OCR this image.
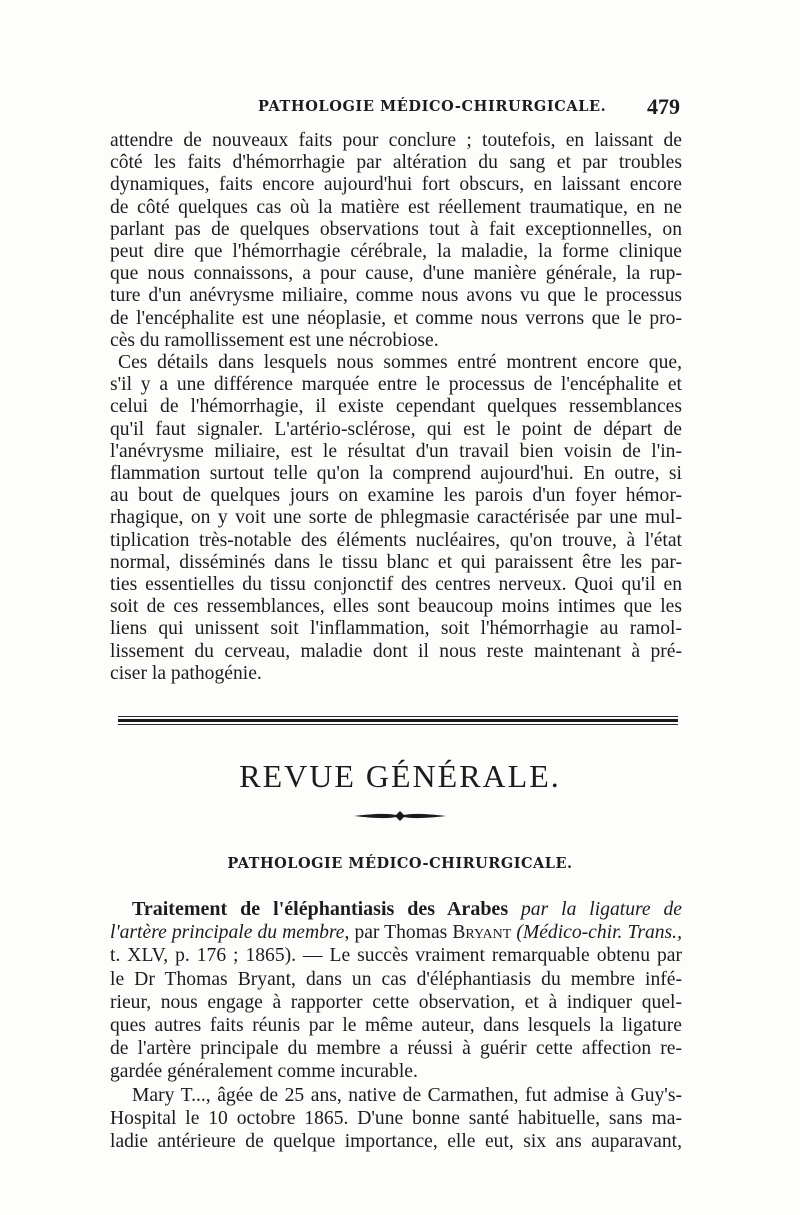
PATHOLOGIE MÉDICO-CHIRURGICALE. 479
attendre de nouveaux faits pour conclure ; toutefois, en laissant de
côté les faits d'hémorrhagie par altération du sang et par troubles
dynamiques, faits encore aujourd'hui fort obscurs, en laissant encore
de côté quelques cas où la matière est réellement traumatique, en ne
parlant pas de quelques observations tout à fait exceptionnelles, on
peut dire que l'hémorrhagie cérébrale, la maladie, la forme clinique
que nous connaissons, a pour cause, d'une manière générale, la rup-
ture d'un anévrysme miliaire, comme nous avons vu que le processus
de l'encéphalite est une néoplasie, et comme nous verrons que le pro-
cès du ramollissement est une nécrobiose.
Ces détails dans lesquels nous sommes entré montrent encore que,
s'il y a une différence marquée entre le processus de l'encéphalite et
celui de l'hémorrhagie, il existe cependant quelques ressemblances
qu'il faut signaler. L'artério-sclérose, qui est le point de départ de
l'anévrysme miliaire, est le résultat d'un travail bien voisin de l'in-
flammation surtout telle qu'on la comprend aujourd'hui. En outre, si
au bout de quelques jours on examine les parois d'un foyer hémor-
rhagique, on y voit une sorte de phlegmasie caractérisée par une mul-
tiplication très-notable des éléments nucléaires, qu'on trouve, à l'état
normal, disséminés dans le tissu blanc et qui paraissent être les par-
ties essentielles du tissu conjonctif des centres nerveux. Quoi qu'il en
soit de ces ressemblances, elles sont beaucoup moins intimes que les
liens qui unissent soit l'inflammation, soit l'hémorrhagie au ramol-
lissement du cerveau, maladie dont il nous reste maintenant à pré-
ciser la pathogénie.
REVUE GÉNÉRALE.
PATHOLOGIE MÉDICO-CHIRURGICALE.
Traitement de l'éléphantiasis des Arabes par la ligature de
l'artère principale du membre, par Thomas Bryant (Médico-chir. Trans.,
t. XLV, p. 176 ; 1865). — Le succès vraiment remarquable obtenu par
le Dr Thomas Bryant, dans un cas d'éléphantiasis du membre infé-
rieur, nous engage à rapporter cette observation, et à indiquer quel-
ques autres faits réunis par le même auteur, dans lesquels la ligature
de l'artère principale du membre a réussi à guérir cette affection re-
gardée généralement comme incurable.
Mary T..., âgée de 25 ans, native de Carmathen, fut admise à Guy's-
Hospital le 10 octobre 1865. D'une bonne santé habituelle, sans ma-
ladie antérieure de quelque importance, elle eut, six ans auparavant,
